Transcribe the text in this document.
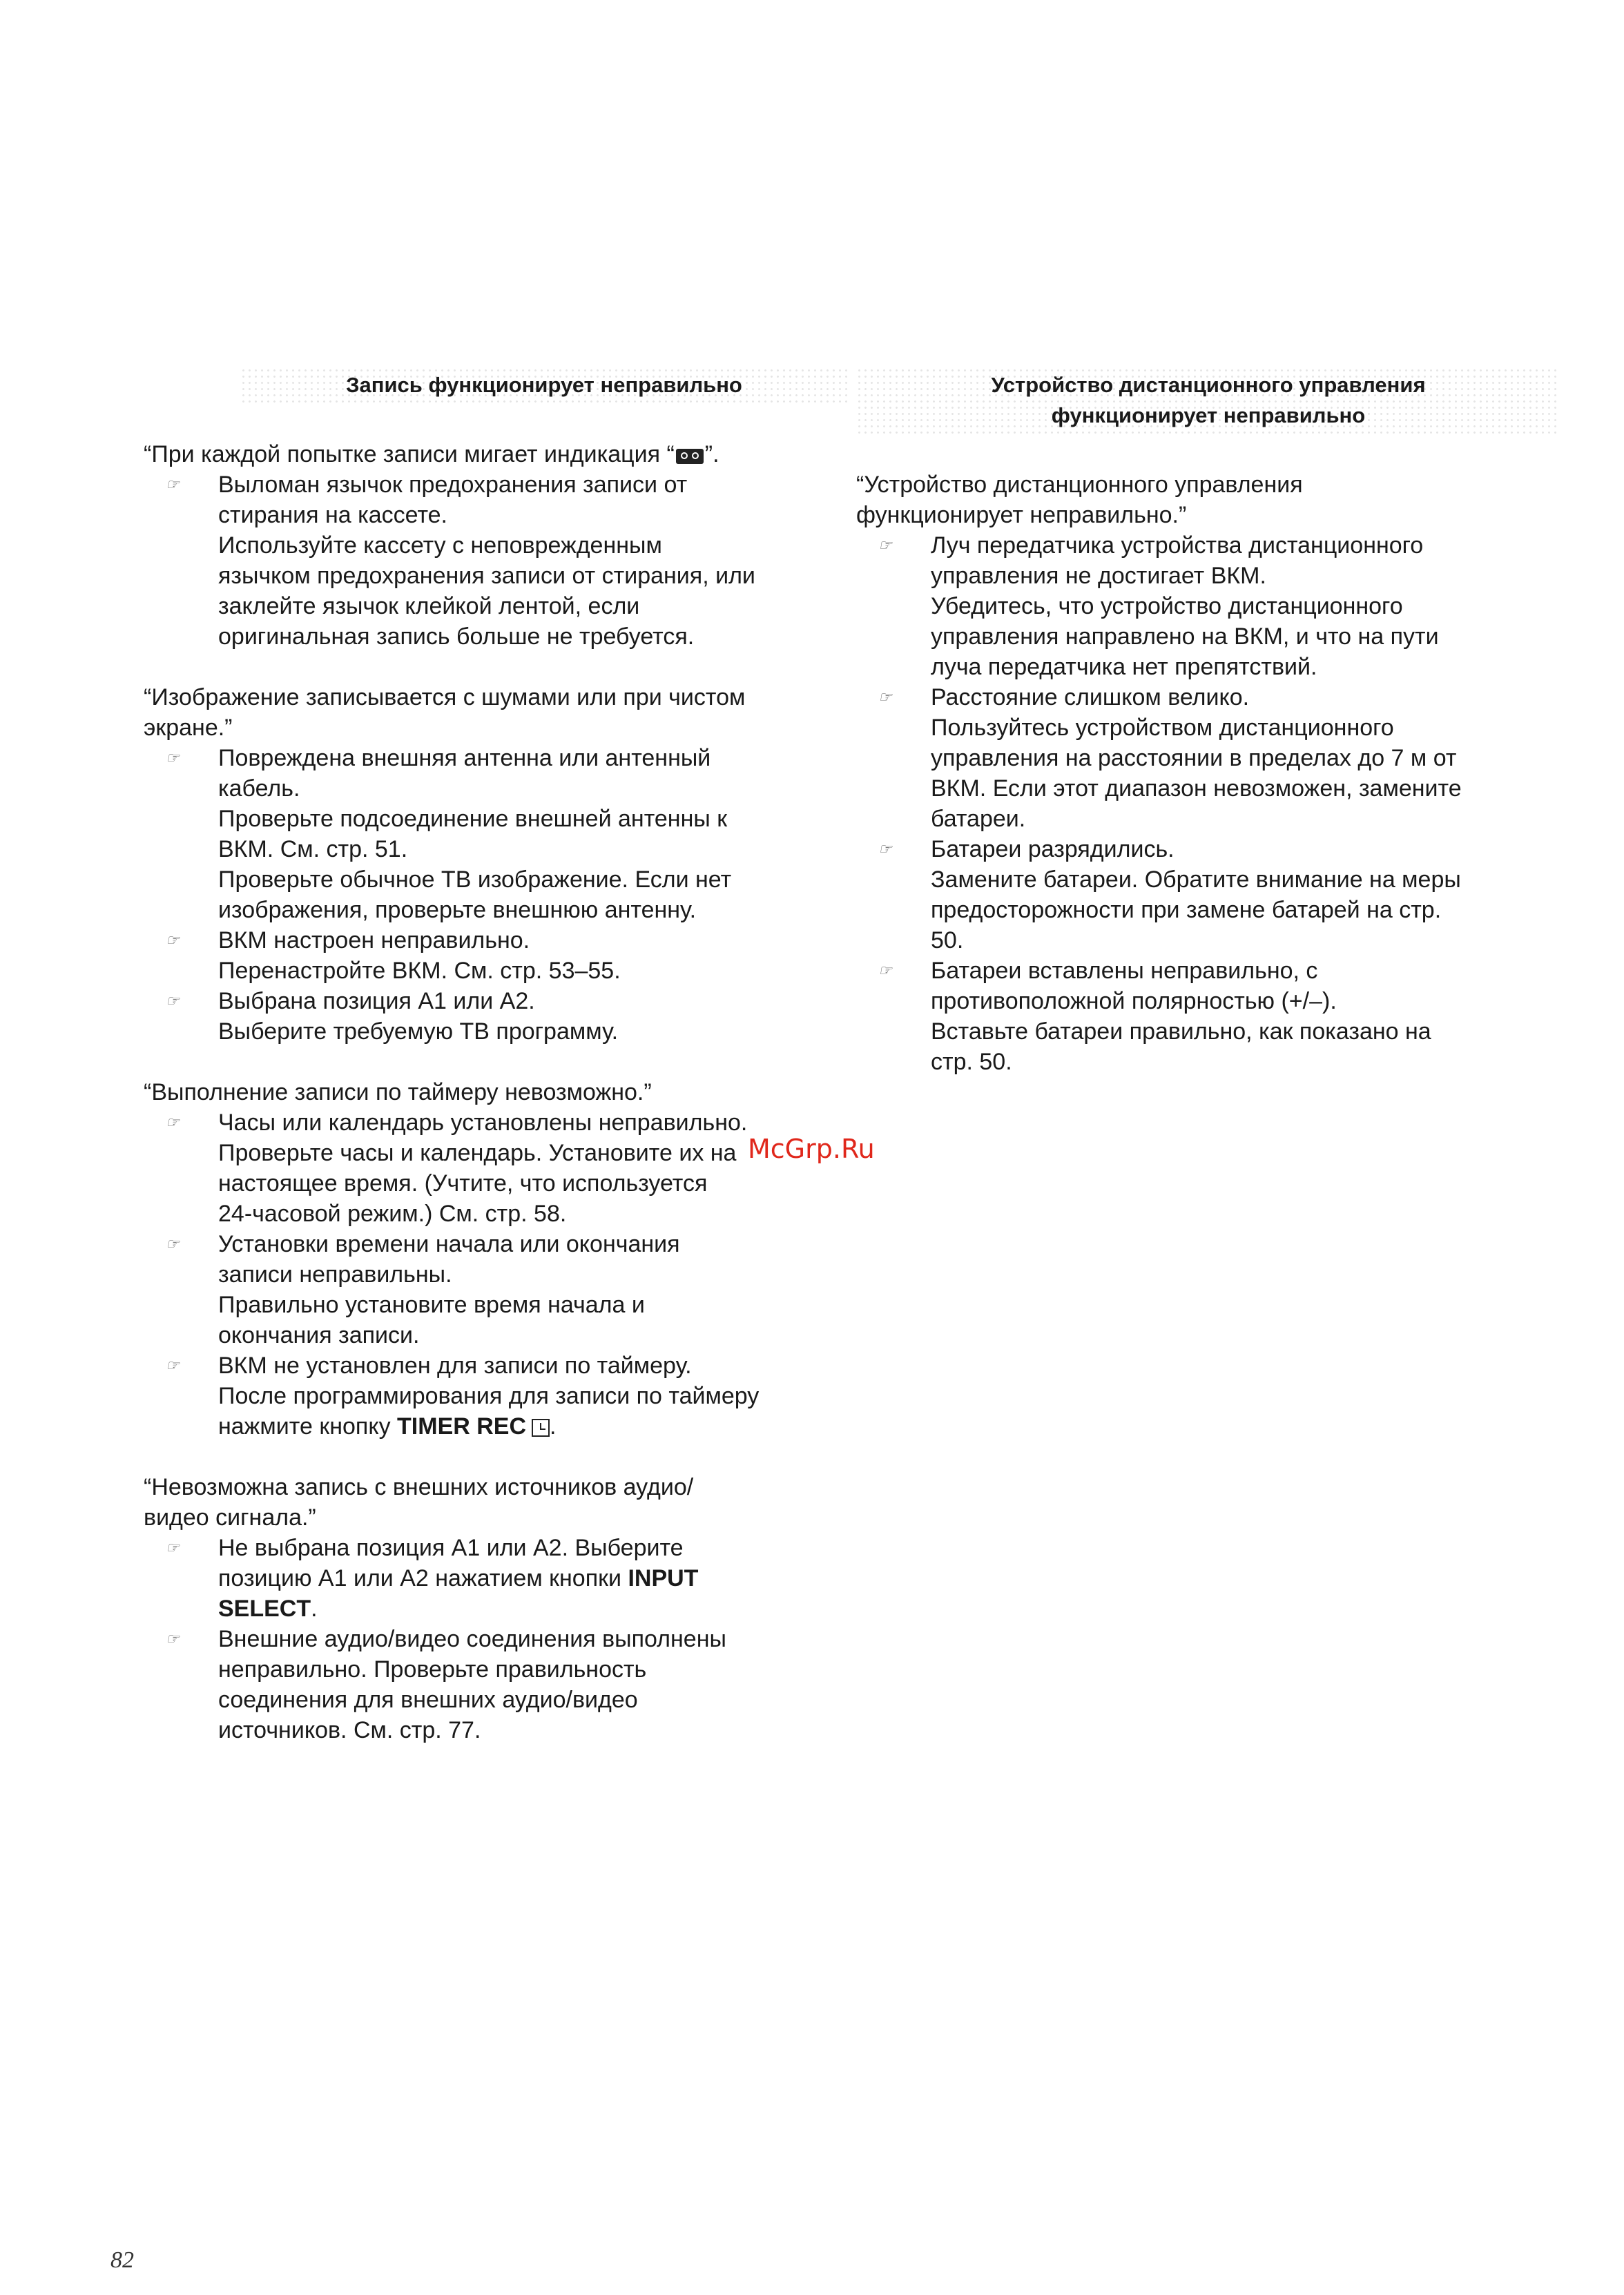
Запись функционирует неправильно
“При каждой попытке записи мигает индикация “ ”.
☞ Выломан язычок предохранения записи от
стирания на кассете.
Используйте кассету с неповрежденным
язычком предохранения записи от стирания, или
заклейте язычок клейкой лентой, если
оригинальная запись больше не требуется.
“Изображение записывается с шумами или при чистом
экране.”
☞ Повреждена внешняя антенна или антенный
кабель.
Проверьте подсоединение внешней антенны к
ВКМ. См. стр. 51.
Проверьте обычное ТВ изображение. Если нет
изображения, проверьте внешнюю антенну.
☞ ВКМ настроен неправильно.
Перенастройте ВКМ. См. стр. 53–55.
☞ Выбрана позиция А1 или А2.
Выберите требуемую ТВ программу.
“Выполнение записи по таймеру невозможно.”
☞ Часы или календарь установлены неправильно.
Проверьте часы и календарь. Установите их на
настоящее время. (Учтите, что используется
24-часовой режим.) См. стр. 58.
☞ Установки времени начала или окончания
записи неправильны.
Правильно установите время начала и
окончания записи.
☞ ВКМ не установлен для записи по таймеру.
После программирования для записи по таймеру
нажмите кнопку TIMER REC .
“Невозможна запись с внешних источников аудио/
видео сигнала.”
☞ Не выбрана позиция А1 или А2. Выберите
позицию А1 или А2 нажатием кнопки INPUT
SELECT.
☞ Внешние аудио/видео соединения выполнены
неправильно. Проверьте правильность
соединения для внешних аудио/видео
источников. См. стр. 77.
Устройство дистанционного управления
функционирует неправильно
“Устройство дистанционного управления
функционирует неправильно.”
☞ Луч передатчика устройства дистанционного
управления не достигает ВКМ.
Убедитесь, что устройство дистанционного
управления направлено на ВКМ, и что на пути
луча передатчика нет препятствий.
☞ Расстояние слишком велико.
Пользуйтесь устройством дистанционного
управления на расстоянии в пределах до 7 м от
ВКМ. Если этот диапазон невозможен, замените
батареи.
☞ Батареи разрядились.
Замените батареи. Обратите внимание на меры
предосторожности при замене батарей на стр.
50.
☞ Батареи вставлены неправильно, с
противоположной полярностью (+/–).
Вставьте батареи правильно, как показано на
стр. 50.
McGrp.Ru
82
